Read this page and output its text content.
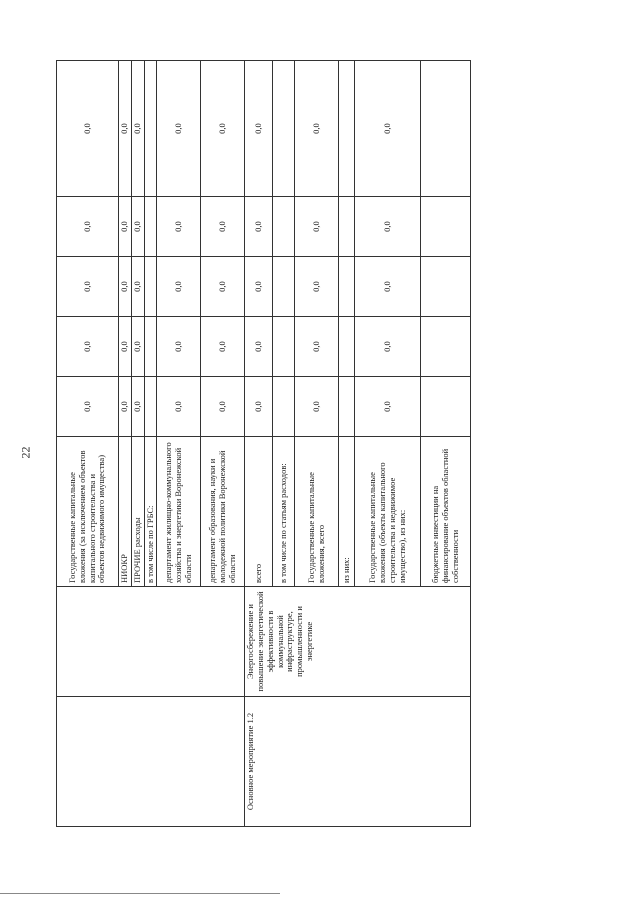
22
		Государственные капитальные вложения (за исключением объектов капитального строительства и объектов недвижимого имущества)	0,0	0,0	0,0	0,0	0,0
		НИОКР	0,0	0,0	0,0	0,0	0,0
		ПРОЧИЕ расходы	0,0	0,0	0,0	0,0	0,0
		в том числе по ГРБС:					
		департамент жилищно-коммунального хозяйства и энергетики Воронежской области	0,0	0,0	0,0	0,0	0,0
		департамент образования, науки и молодежной политики Воронежской области	0,0	0,0	0,0	0,0	0,0
Основное мероприятие 1.2	Энергосбережение и повышение энергетической эффективности в коммунальной инфраструктуре, промышленности и энергетике	всего	0,0	0,0	0,0	0,0	0,0
		в том числе по статьям расходов:					
		Государственные капитальные вложения, всего	0,0	0,0	0,0	0,0	0,0
		из них:					
		Государственные капитальные вложения (объекты капитального строительства и недвижимое имущество), из них:	0,0	0,0	0,0	0,0	0,0
		бюджетные инвестиции на финансирование объектов областной собственности					
